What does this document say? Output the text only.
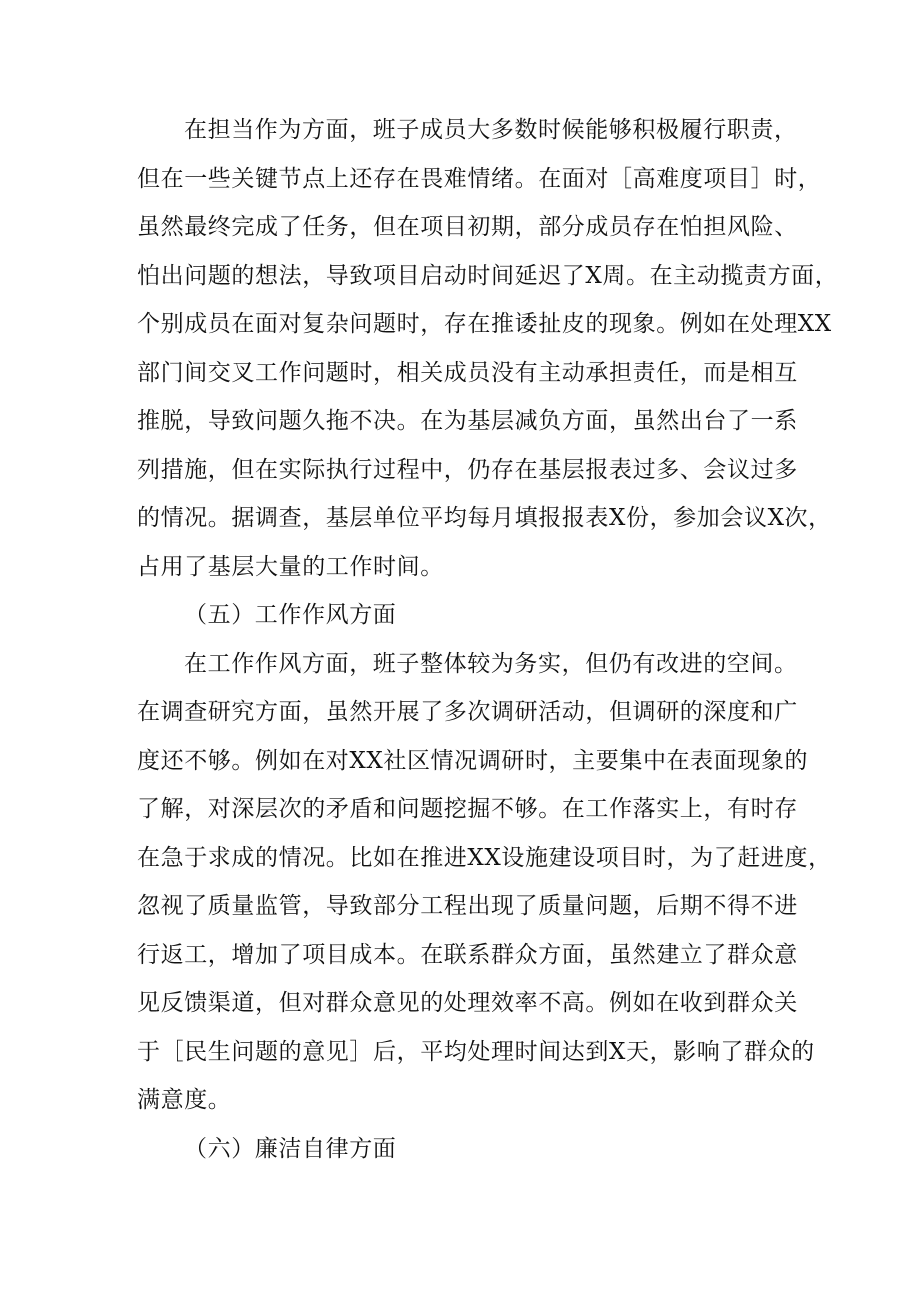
在担当作为方面，班子成员大多数时候能够积极履行职责，
但在一些关键节点上还存在畏难情绪。在面对［高难度项目］时，
虽然最终完成了任务，但在项目初期，部分成员存在怕担风险、
怕出问题的想法，导致项目启动时间延迟了X周。在主动揽责方面，
个别成员在面对复杂问题时，存在推诿扯皮的现象。例如在处理XX
部门间交叉工作问题时，相关成员没有主动承担责任，而是相互
推脱，导致问题久拖不决。在为基层减负方面，虽然出台了一系
列措施，但在实际执行过程中，仍存在基层报表过多、会议过多
的情况。据调查，基层单位平均每月填报报表X份，参加会议X次，
占用了基层大量的工作时间。
（五）工作作风方面
在工作作风方面，班子整体较为务实，但仍有改进的空间。
在调查研究方面，虽然开展了多次调研活动，但调研的深度和广
度还不够。例如在对XX社区情况调研时，主要集中在表面现象的
了解，对深层次的矛盾和问题挖掘不够。在工作落实上，有时存
在急于求成的情况。比如在推进XX设施建设项目时，为了赶进度，
忽视了质量监管，导致部分工程出现了质量问题，后期不得不进
行返工，增加了项目成本。在联系群众方面，虽然建立了群众意
见反馈渠道，但对群众意见的处理效率不高。例如在收到群众关
于［民生问题的意见］后，平均处理时间达到X天，影响了群众的
满意度。
（六）廉洁自律方面
